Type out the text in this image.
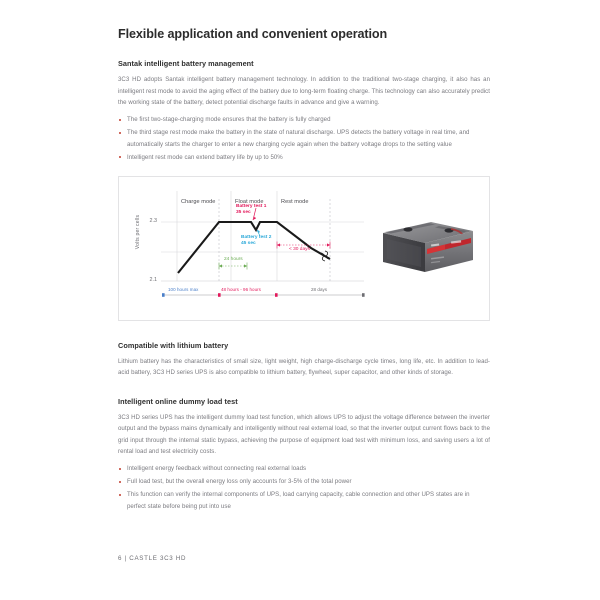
Flexible application and convenient operation
Santak intelligent battery management

3C3 HD adopts Santak intelligent battery management technology. In addition to the traditional two-stage charging, it also has an intelligent rest mode to avoid the aging effect of the battery due to long-term floating charge. This technology can also accurately predict the working state of the battery, detect potential discharge faults in advance and give a warning.

The first two-stage-charging mode ensures that the battery is fully charged
The third stage rest mode make the battery in the state of natural discharge. UPS detects the battery voltage in real time, and automatically starts the charger to enter a new charging cycle again when the battery voltage drops to the setting value
Intelligent rest mode can extend battery life by up to 50%
Volts per cells	2.3
2.1
Charge mode	Float mode	Rest mode
Battery test 1
35 sec
Battery test 2
45 sec
< 30 days
24 hours
100 hours max	48 hours - 96 hours	28 days
Compatible with lithium battery

Lithium battery has the characteristics of small size, light weight, high charge-discharge cycle times, long life, etc. In addition to lead-acid battery, 3C3 HD series UPS is also compatible to lithium battery, flywheel, super capacitor, and other kinds of storage.

Intelligent online dummy load test

3C3 HD series UPS has the intelligent dummy load test function, which allows UPS to adjust the voltage difference between the inverter output and the bypass mains dynamically and intelligently without real external load, so that the inverter output current flows back to the grid input through the internal static bypass, achieving the purpose of equipment load test with minimum loss, and saving users a lot of rental load and test electricity costs.

Intelligent energy feedback without connecting real external loads
Full load test, but the overall energy loss only accounts for 3-5% of the total power
This function can verify the internal components of UPS, load carrying capacity, cable connection and other UPS states are in perfect state before being put into use
6 | CASTLE 3C3 HD
